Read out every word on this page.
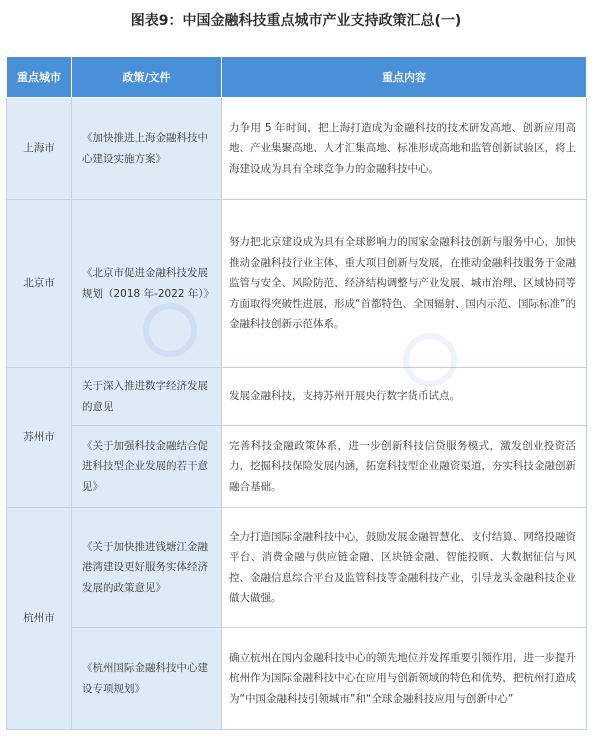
图表9：中国金融科技重点城市产业支持政策汇总(一)
重点城市	政策/文件	重点内容
上海市	《加快推进上海金融科技中心建设实施方案》	力争用 5 年时间，把上海打造成为金融科技的技术研发高地、创新应用高地、产业集聚高地、人才汇集高地、标准形成高地和监管创新试验区，将上海建设成为具有全球竞争力的金融科技中心。
北京市	《北京市促进金融科技发展规划（2018 年-2022 年）》	努力把北京建设成为具有全球影响力的国家金融科技创新与服务中心，加快推动金融科技行业主体、重大项目创新与发展，在推动金融科技服务于金融监管与安全、风险防范、经济结构调整与产业发展、城市治理、区域协同等方面取得突破性进展，形成“首都特色、全国辐射、国内示范、国际标准”的金融科技创新示范体系。
苏州市	关于深入推进数字经济发展的意见	发展金融科技，支持苏州开展央行数字货币试点。
	《关于加强科技金融结合促进科技型企业发展的若干意见》	完善科技金融政策体系，进一步创新科技信贷服务模式，激发创业投资活力，挖掘科技保险发展内涵，拓宽科技型企业融资渠道，夯实科技金融创新融合基础。
杭州市	《关于加快推进钱塘江金融港湾建设更好服务实体经济发展的政策意见》	全力打造国际金融科技中心，鼓励发展金融智慧化、支付结算、网络投融资平台、消费金融与供应链金融、区块链金融、智能投顾、大数据征信与风控、金融信息综合平台及监管科技等金融科技产业，引导龙头金融科技企业做大做强。
	《杭州国际金融科技中心建设专项规划》	确立杭州在国内金融科技中心的领先地位并发挥重要引领作用，进一步提升杭州作为国际金融科技中心在应用与创新领域的特色和优势，把杭州打造成为“中国金融科技引领城市”和“全球金融科技应用与创新中心”
